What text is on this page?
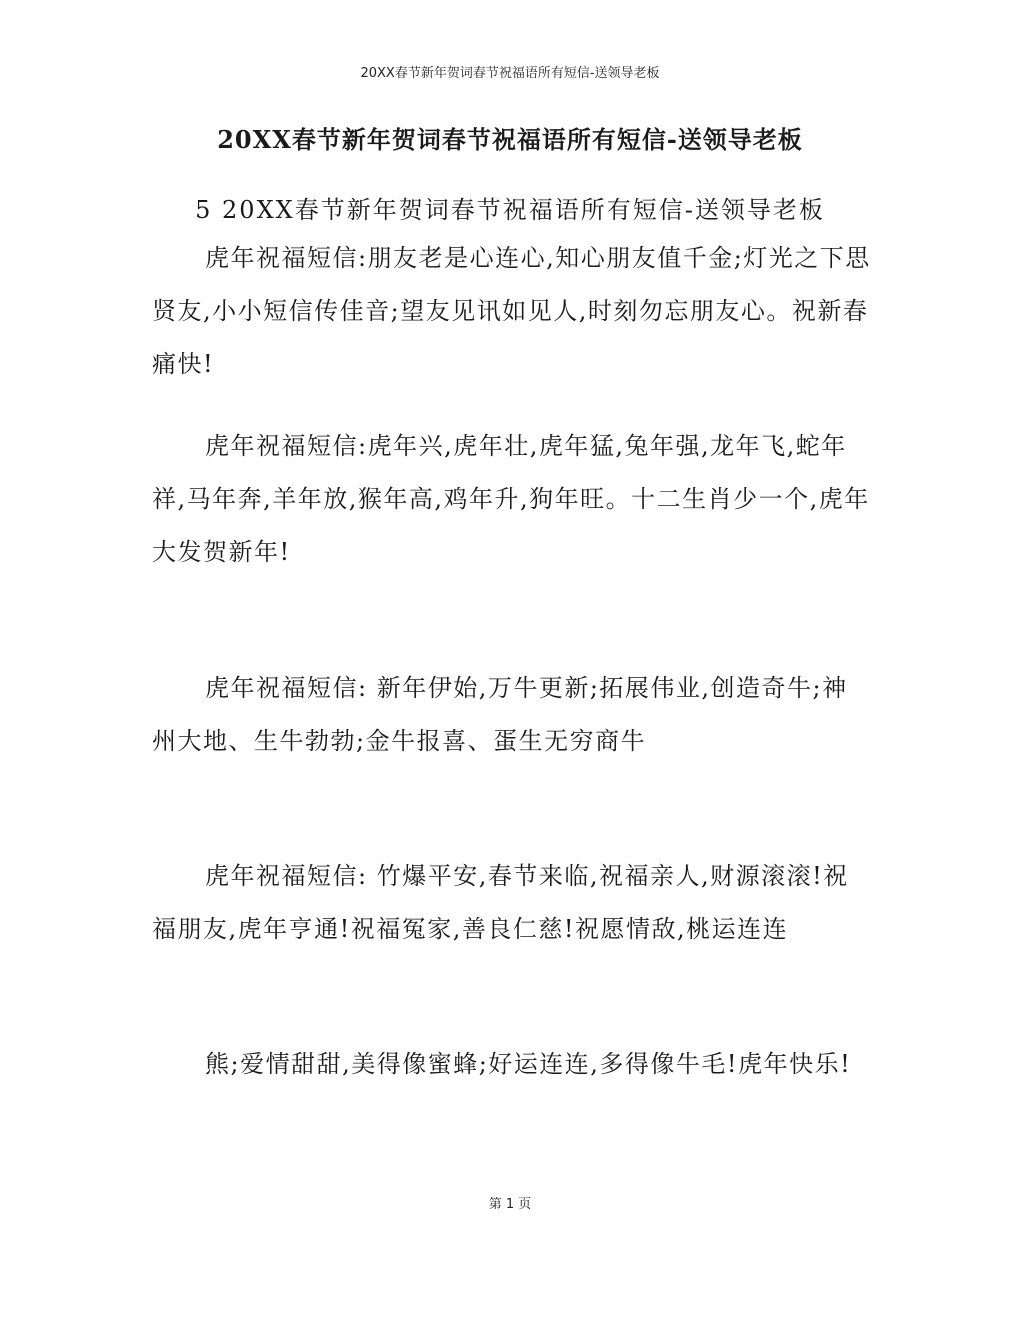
20XX春节新年贺词春节祝福语所有短信-送领导老板
20XX春节新年贺词春节祝福语所有短信-送领导老板
5 20XX春节新年贺词春节祝福语所有短信-送领导老板

虎年祝福短信:朋友老是心连心,知心朋友值千金;灯光之下思贤友,小小短信传佳音;望友见讯如见人,时刻勿忘朋友心。祝新春痛快!

虎年祝福短信:虎年兴,虎年壮,虎年猛,兔年强,龙年飞,蛇年祥,马年奔,羊年放,猴年高,鸡年升,狗年旺。十二生肖少一个,虎年大发贺新年!

虎年祝福短信: 新年伊始,万牛更新;拓展伟业,创造奇牛;神州大地、生牛勃勃;金牛报喜、蛋生无穷商牛

虎年祝福短信: 竹爆平安,春节来临,祝福亲人,财源滚滚!祝福朋友,虎年亨通!祝福冤家,善良仁慈!祝愿情敌,桃运连连

熊;爱情甜甜,美得像蜜蜂;好运连连,多得像牛毛!虎年快乐!

第 1 页
